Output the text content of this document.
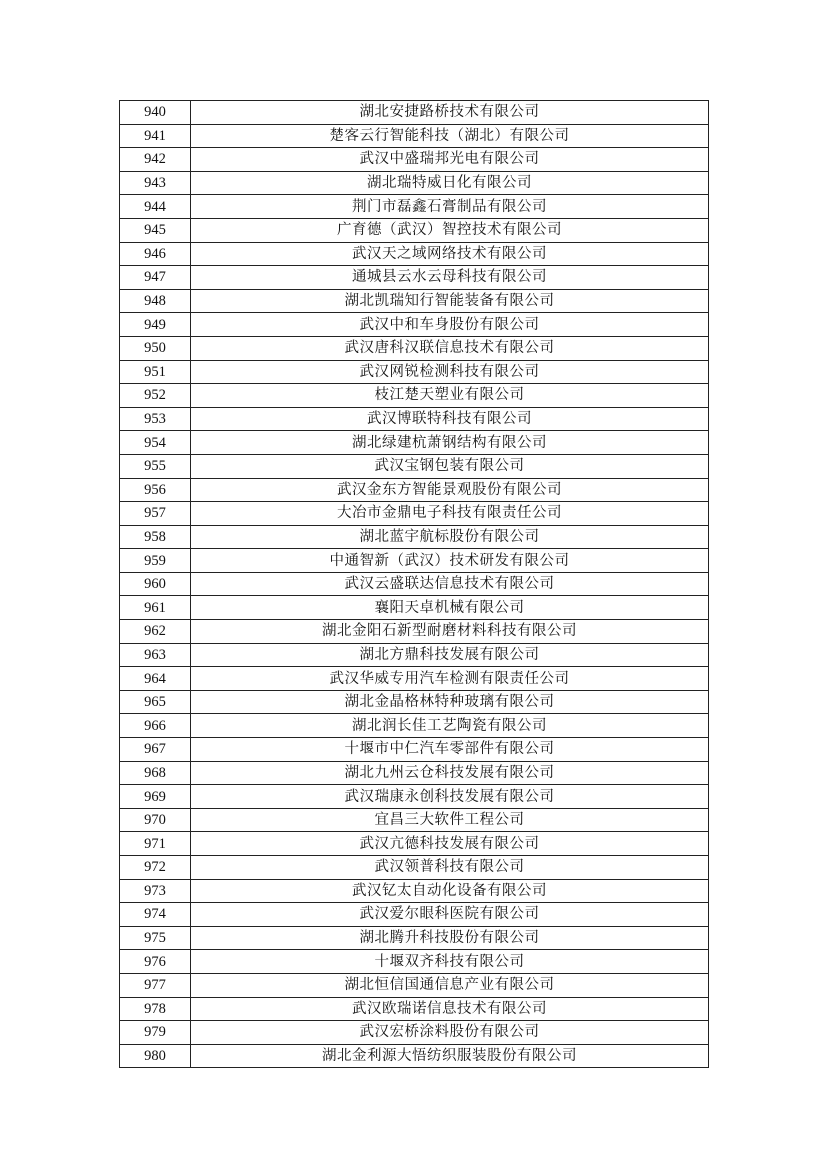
940	湖北安捷路桥技术有限公司
941	楚客云行智能科技（湖北）有限公司
942	武汉中盛瑞邦光电有限公司
943	湖北瑞特威日化有限公司
944	荆门市磊鑫石膏制品有限公司
945	广育德（武汉）智控技术有限公司
946	武汉天之域网络技术有限公司
947	通城县云水云母科技有限公司
948	湖北凯瑞知行智能装备有限公司
949	武汉中和车身股份有限公司
950	武汉唐科汉联信息技术有限公司
951	武汉网锐检测科技有限公司
952	枝江楚天塑业有限公司
953	武汉博联特科技有限公司
954	湖北绿建杭萧钢结构有限公司
955	武汉宝钢包装有限公司
956	武汉金东方智能景观股份有限公司
957	大冶市金鼎电子科技有限责任公司
958	湖北蓝宇航标股份有限公司
959	中通智新（武汉）技术研发有限公司
960	武汉云盛联达信息技术有限公司
961	襄阳天卓机械有限公司
962	湖北金阳石新型耐磨材料科技有限公司
963	湖北方鼎科技发展有限公司
964	武汉华威专用汽车检测有限责任公司
965	湖北金晶格林特种玻璃有限公司
966	湖北润长佳工艺陶瓷有限公司
967	十堰市中仁汽车零部件有限公司
968	湖北九州云仓科技发展有限公司
969	武汉瑞康永创科技发展有限公司
970	宜昌三大软件工程公司
971	武汉亢德科技发展有限公司
972	武汉领普科技有限公司
973	武汉钇太自动化设备有限公司
974	武汉爱尔眼科医院有限公司
975	湖北腾升科技股份有限公司
976	十堰双齐科技有限公司
977	湖北恒信国通信息产业有限公司
978	武汉欧瑞诺信息技术有限公司
979	武汉宏桥涂料股份有限公司
980	湖北金利源大悟纺织服装股份有限公司
